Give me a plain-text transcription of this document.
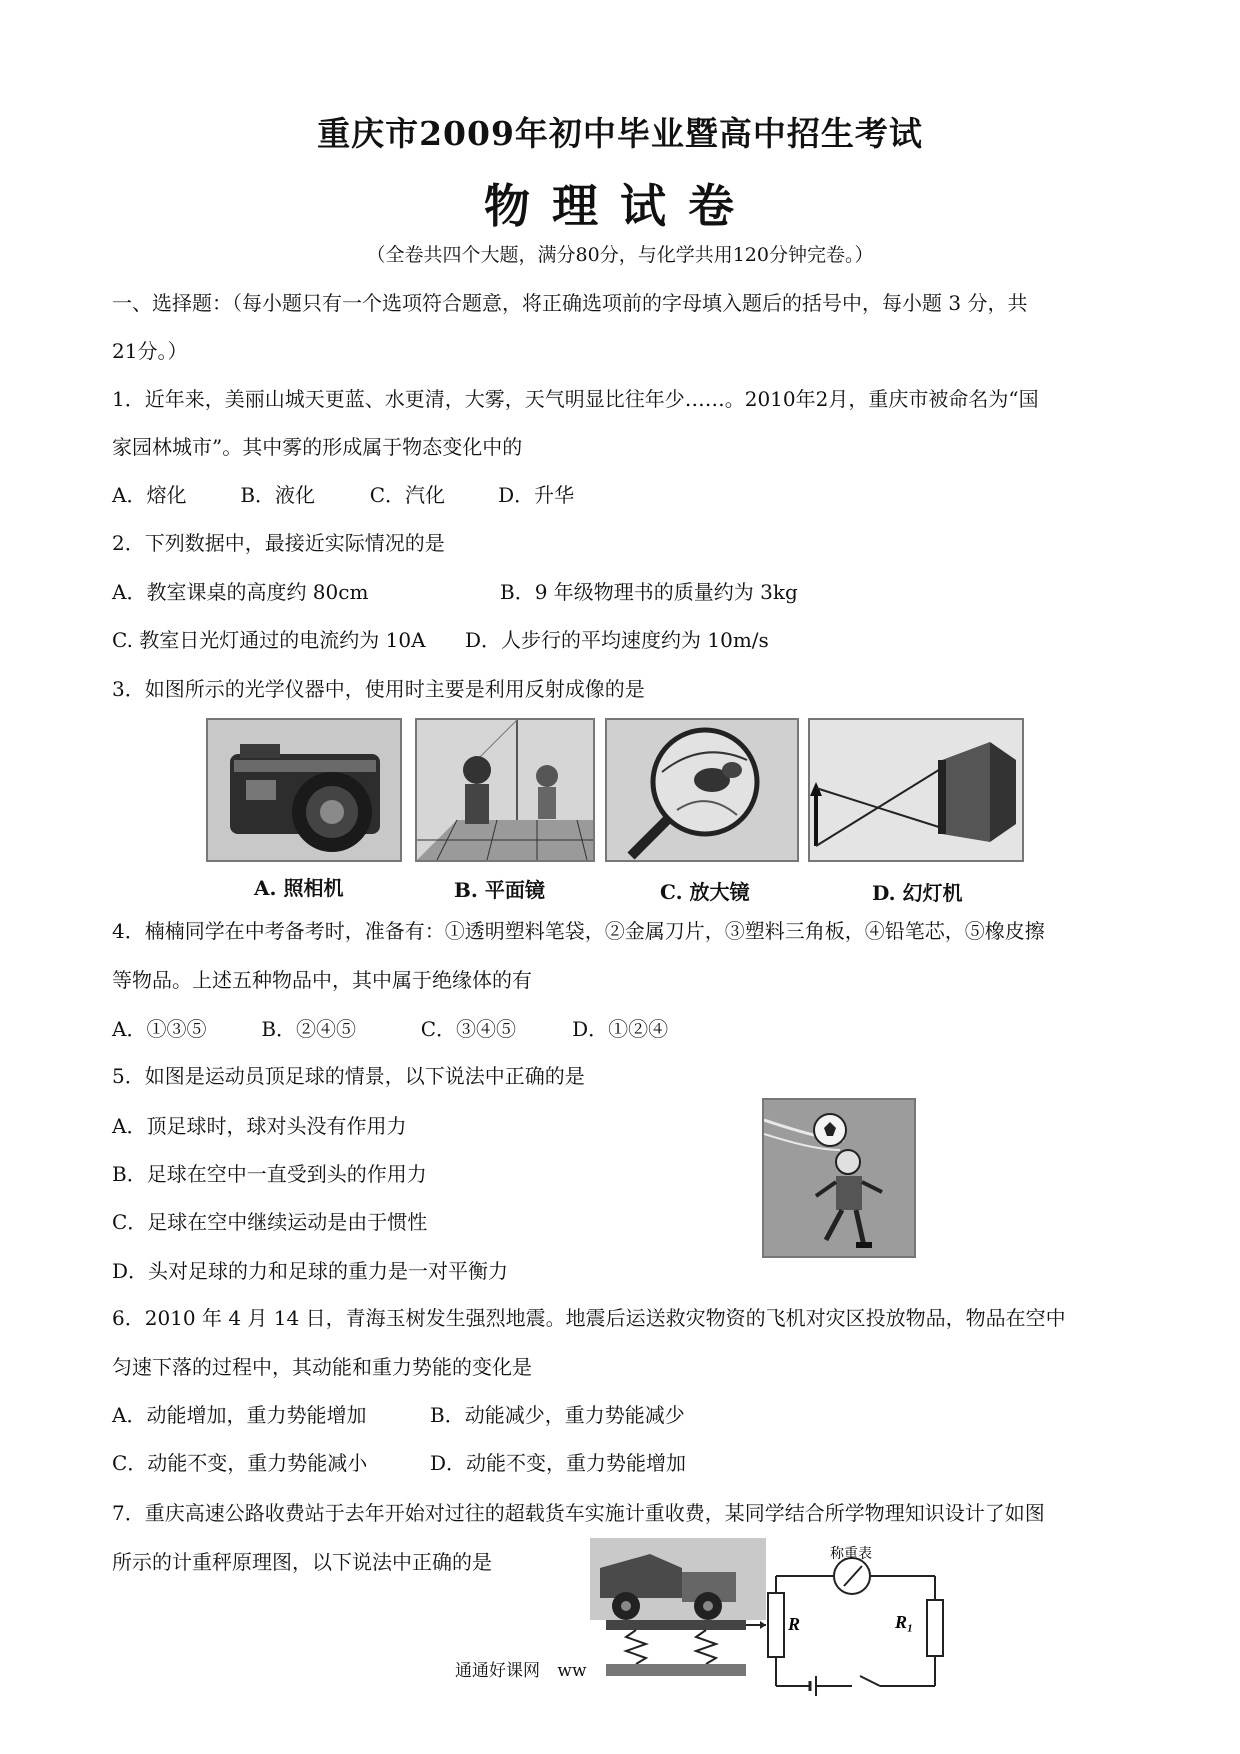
重庆市2009年初中毕业暨高中招生考试
物理试卷
（全卷共四个大题，满分80分，与化学共用120分钟完卷。）
一、选择题：（每小题只有一个选项符合题意，将正确选项前的字母填入题后的括号中，每小题 3 分，共
21分。）
1．近年来，美丽山城天更蓝、水更清，大雾，天气明显比往年少……。2010年2月，重庆市被命名为“国
家园林城市”。其中雾的形成属于物态变化中的
A．熔化	B．液化	C．汽化	D．升华
2．下列数据中，最接近实际情况的是
A．教室课桌的高度约 80cm	B．9 年级物理书的质量约为 3kg
C. 教室日光灯通过的电流约为 10A D．人步行的平均速度约为 10m/s
3．如图所示的光学仪器中，使用时主要是利用反射成像的是
A. 照相机	B. 平面镜	C. 放大镜	D. 幻灯机
4．楠楠同学在中考备考时，准备有：①透明塑料笔袋，②金属刀片，③塑料三角板，④铅笔芯，⑤橡皮擦
等物品。上述五种物品中，其中属于绝缘体的有
A．①③⑤	B．②④⑤	C．③④⑤	D．①②④
5．如图是运动员顶足球的情景，以下说法中正确的是
A．顶足球时，球对头没有作用力
B．足球在空中一直受到头的作用力
C．足球在空中继续运动是由于惯性
D．头对足球的力和足球的重力是一对平衡力
6．2010 年 4 月 14 日，青海玉树发生强烈地震。地震后运送救灾物资的飞机对灾区投放物品，物品在空中
匀速下落的过程中，其动能和重力势能的变化是
A．动能增加，重力势能增加	B．动能减少，重力势能减少
C．动能不变，重力势能减小	D．动能不变，重力势能增加
7．重庆高速公路收费站于去年开始对过往的超载货车实施计重收费，某同学结合所学物理知识设计了如图
所示的计重秤原理图，以下说法中正确的是	称重表
R	R₁
通通好课网 ww
